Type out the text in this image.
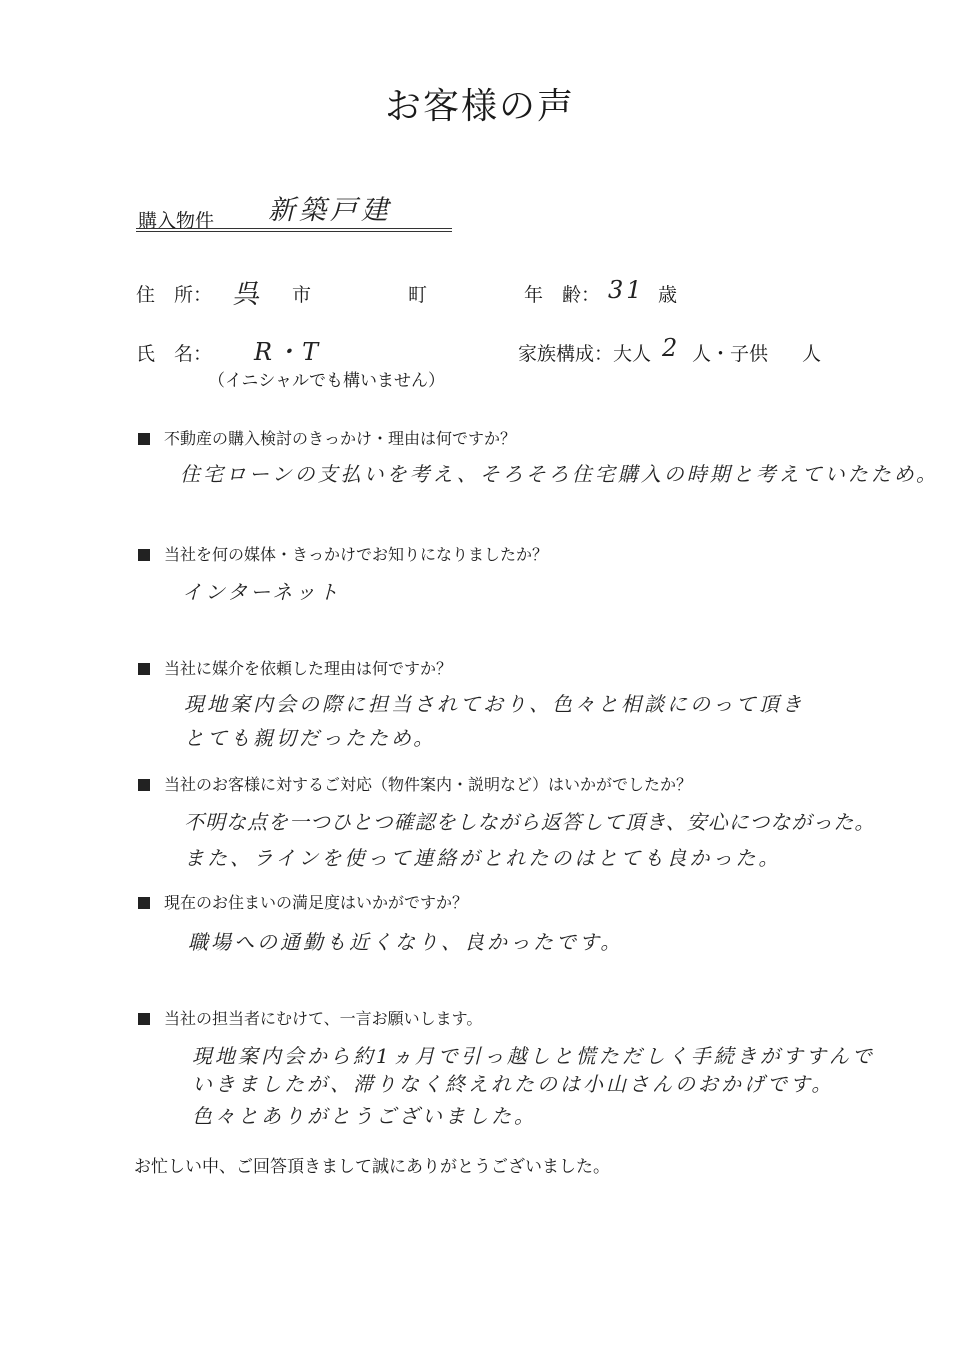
お客様の声
購入物件 新築戸建
住　所： 呉 市	町	年　齢： 31 歳
氏　名： R・T
（イニシャルでも構いません）
家族構成：大人 2 人・子供 人
不動産の購入検討のきっかけ・理由は何ですか？
住宅ローンの支払いを考え、そろそろ住宅購入の時期と考えていたため。
当社を何の媒体・きっかけでお知りになりましたか？
インターネット
当社に媒介を依頼した理由は何ですか？
現地案内会の際に担当されており、色々と相談にのって頂き
とても親切だったため。
当社のお客様に対するご対応（物件案内・説明など）はいかがでしたか？
不明な点を一つひとつ確認をしながら返答して頂き、安心につながった。
また、ラインを使って連絡がとれたのはとても良かった。
現在のお住まいの満足度はいかがですか？
職場への通勤も近くなり、良かったです。
当社の担当者にむけて、一言お願いします。
現地案内会から約1ヵ月で引っ越しと慌ただしく手続きがすすんで
いきましたが、滞りなく終えれたのは小山さんのおかげです。
色々とありがとうございました。
お忙しい中、ご回答頂きまして誠にありがとうございました。
